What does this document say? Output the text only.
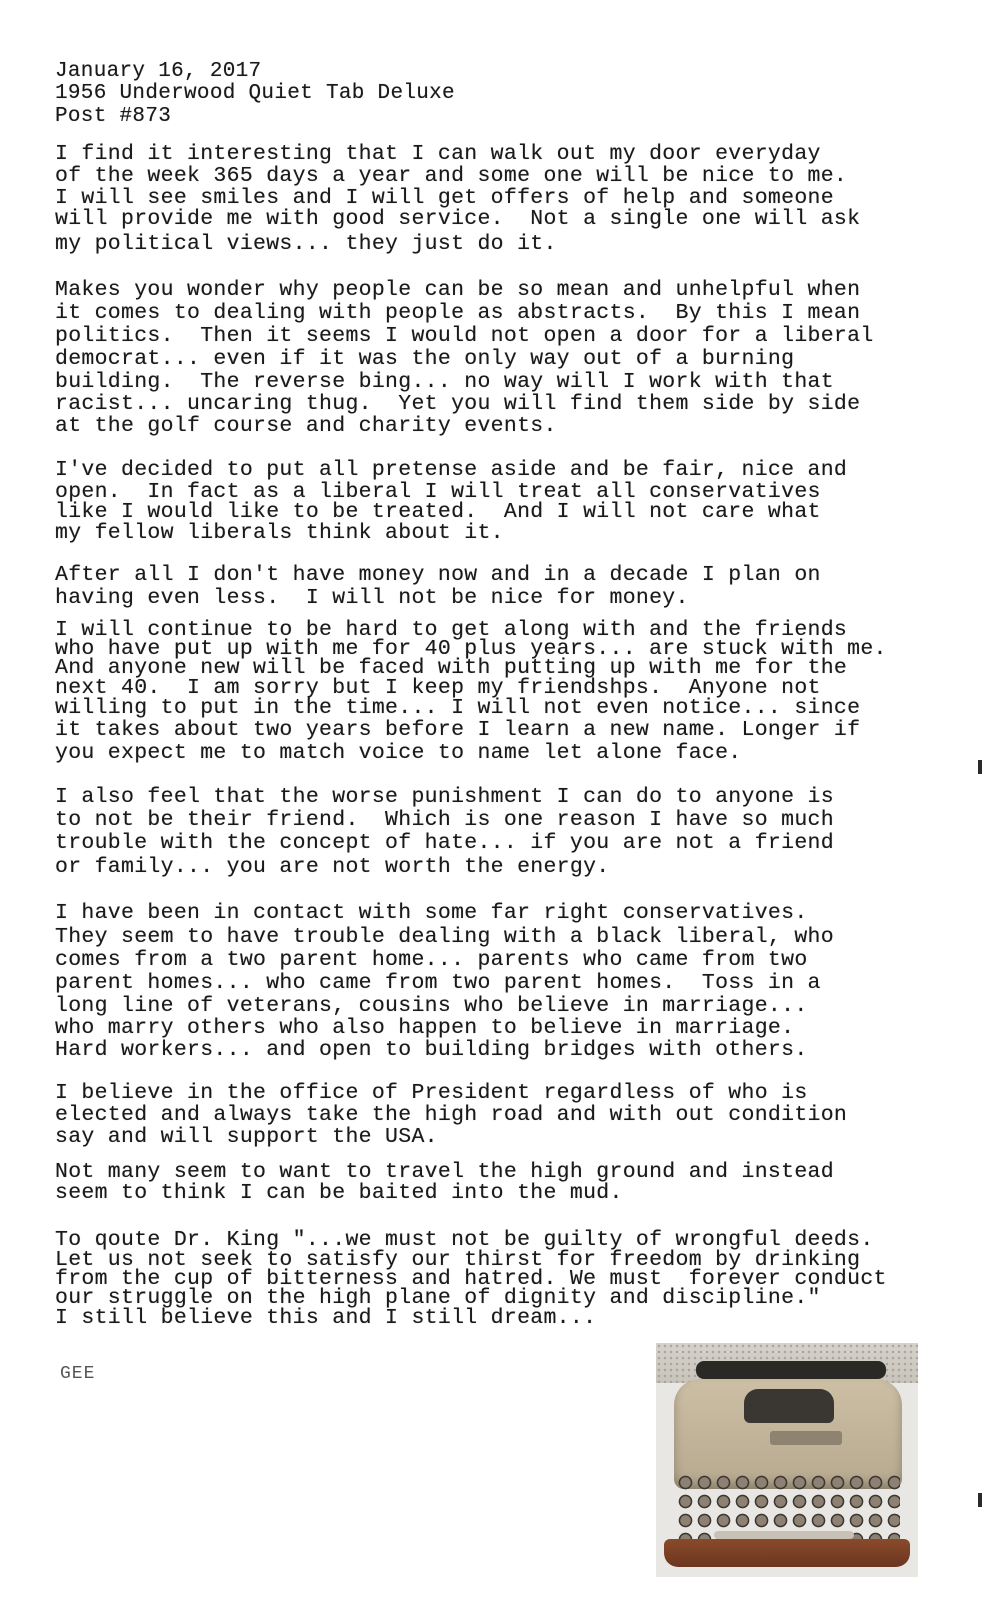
January 16, 2017
1956 Underwood Quiet Tab Deluxe
Post #873
I find it interesting that I can walk out my door everyday
of the week 365 days a year and some one will be nice to me.
I will see smiles and I will get offers of help and someone
will provide me with good service.  Not a single one will ask
my political views... they just do it.
Makes you wonder why people can be so mean and unhelpful when
it comes to dealing with people as abstracts.  By this I mean
politics.  Then it seems I would not open a door for a liberal
democrat... even if it was the only way out of a burning
building.  The reverse bing... no way will I work with that
racist... uncaring thug.  Yet you will find them side by side
at the golf course and charity events.
I've decided to put all pretense aside and be fair, nice and
open.  In fact as a liberal I will treat all conservatives
like I would like to be treated.  And I will not care what
my fellow liberals think about it.
After all I don't have money now and in a decade I plan on
having even less.  I will not be nice for money.
I will continue to be hard to get along with and the friends
who have put up with me for 40 plus years... are stuck with me.
And anyone new will be faced with putting up with me for the
next 40.  I am sorry but I keep my friendshps.  Anyone not
willing to put in the time... I will not even notice... since
it takes about two years before I learn a new name. Longer if
you expect me to match voice to name let alone face.
I also feel that the worse punishment I can do to anyone is
to not be their friend.  Which is one reason I have so much
trouble with the concept of hate... if you are not a friend
or family... you are not worth the energy.
I have been in contact with some far right conservatives.
They seem to have trouble dealing with a black liberal, who
comes from a two parent home... parents who came from two
parent homes... who came from two parent homes.  Toss in a
long line of veterans, cousins who believe in marriage...
who marry others who also happen to believe in marriage.
Hard workers... and open to building bridges with others.
I believe in the office of President regardless of who is
elected and always take the high road and with out condition
say and will support the USA.
Not many seem to want to travel the high ground and instead
seem to think I can be baited into the mud.
To qoute Dr. King "...we must not be guilty of wrongful deeds.
Let us not seek to satisfy our thirst for freedom by drinking
from the cup of bitterness and hatred. We must  forever conduct
our struggle on the high plane of dignity and discipline."
I still believe this and I still dream...
GEE
